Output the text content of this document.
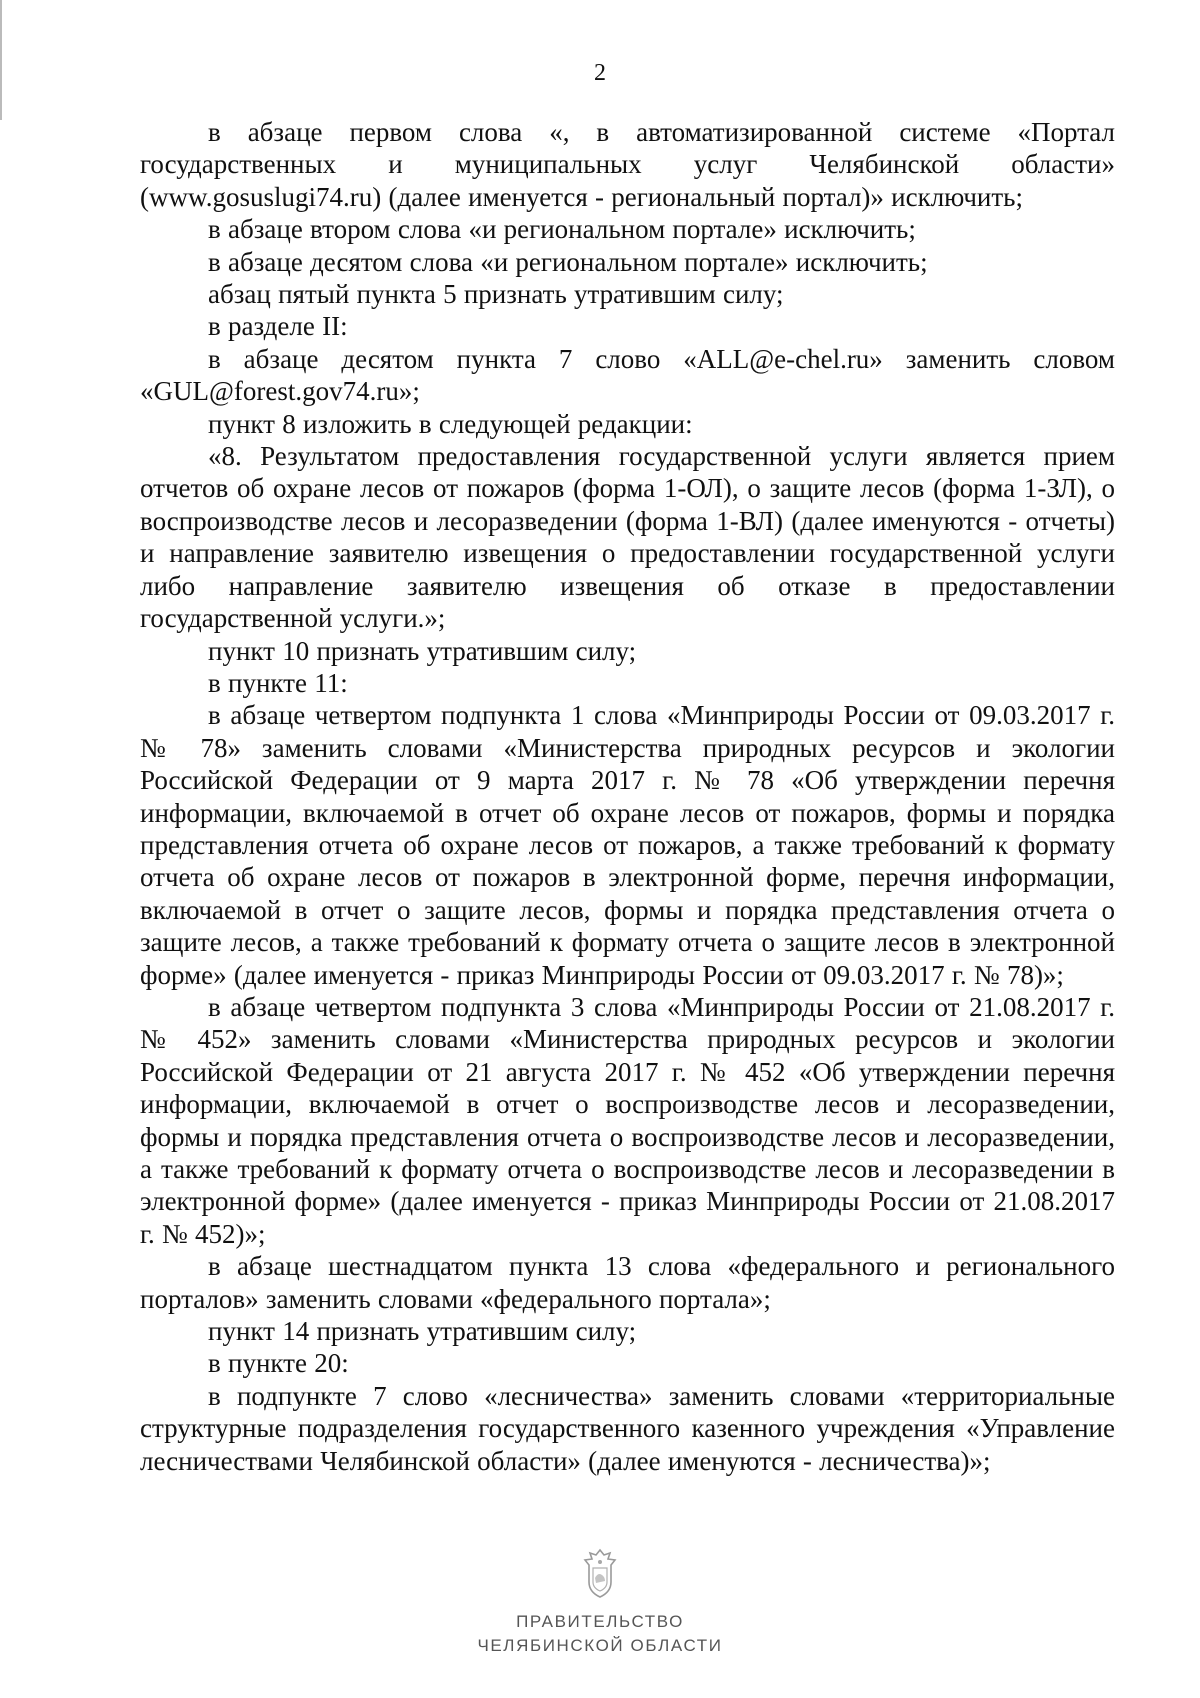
2

в абзаце первом слова «, в автоматизированной системе «Портал государственных и муниципальных услуг Челябинской области» (www.gosuslugi74.ru) (далее именуется - региональный портал)» исключить;

в абзаце втором слова «и региональном портале» исключить;

в абзаце десятом слова «и региональном портале» исключить;

абзац пятый пункта 5 признать утратившим силу;

в разделе II:

в абзаце десятом пункта 7 слово «ALL@e-chel.ru» заменить словом «GUL@forest.gov74.ru»;

пункт 8 изложить в следующей редакции:

«8. Результатом предоставления государственной услуги является прием отчетов об охране лесов от пожаров (форма 1-ОЛ), о защите лесов (форма 1-ЗЛ), о воспроизводстве лесов и лесоразведении (форма 1-ВЛ) (далее именуются - отчеты) и направление заявителю извещения о предоставлении государственной услуги либо направление заявителю извещения об отказе в предоставлении государственной услуги.»;

пункт 10 признать утратившим силу;

в пункте 11:

в абзаце четвертом подпункта 1 слова «Минприроды России от 09.03.2017 г. № 78» заменить словами «Министерства природных ресурсов и экологии Российской Федерации от 9 марта 2017 г. № 78 «Об утверждении перечня информации, включаемой в отчет об охране лесов от пожаров, формы и порядка представления отчета об охране лесов от пожаров, а также требований к формату отчета об охране лесов от пожаров в электронной форме, перечня информации, включаемой в отчет о защите лесов, формы и порядка представления отчета о защите лесов, а также требований к формату отчета о защите лесов в электронной форме» (далее именуется - приказ Минприроды России от 09.03.2017 г. № 78)»;

в абзаце четвертом подпункта 3 слова «Минприроды России от 21.08.2017 г. № 452» заменить словами «Министерства природных ресурсов и экологии Российской Федерации от 21 августа 2017 г. № 452 «Об утверждении перечня информации, включаемой в отчет о воспроизводстве лесов и лесоразведении, формы и порядка представления отчета о воспроизводстве лесов и лесоразведении, а также требований к формату отчета о воспроизводстве лесов и лесоразведении в электронной форме» (далее именуется - приказ Минприроды России от 21.08.2017 г. № 452)»;

в абзаце шестнадцатом пункта 13 слова «федерального и регионального порталов» заменить словами «федерального портала»;

пункт 14 признать утратившим силу;

в пункте 20:

в подпункте 7 слово «лесничества» заменить словами «территориальные структурные подразделения государственного казенного учреждения «Управление лесничествами Челябинской области» (далее именуются - лесничества)»;

ПРАВИТЕЛЬСТВО
ЧЕЛЯБИНСКОЙ ОБЛАСТИ
